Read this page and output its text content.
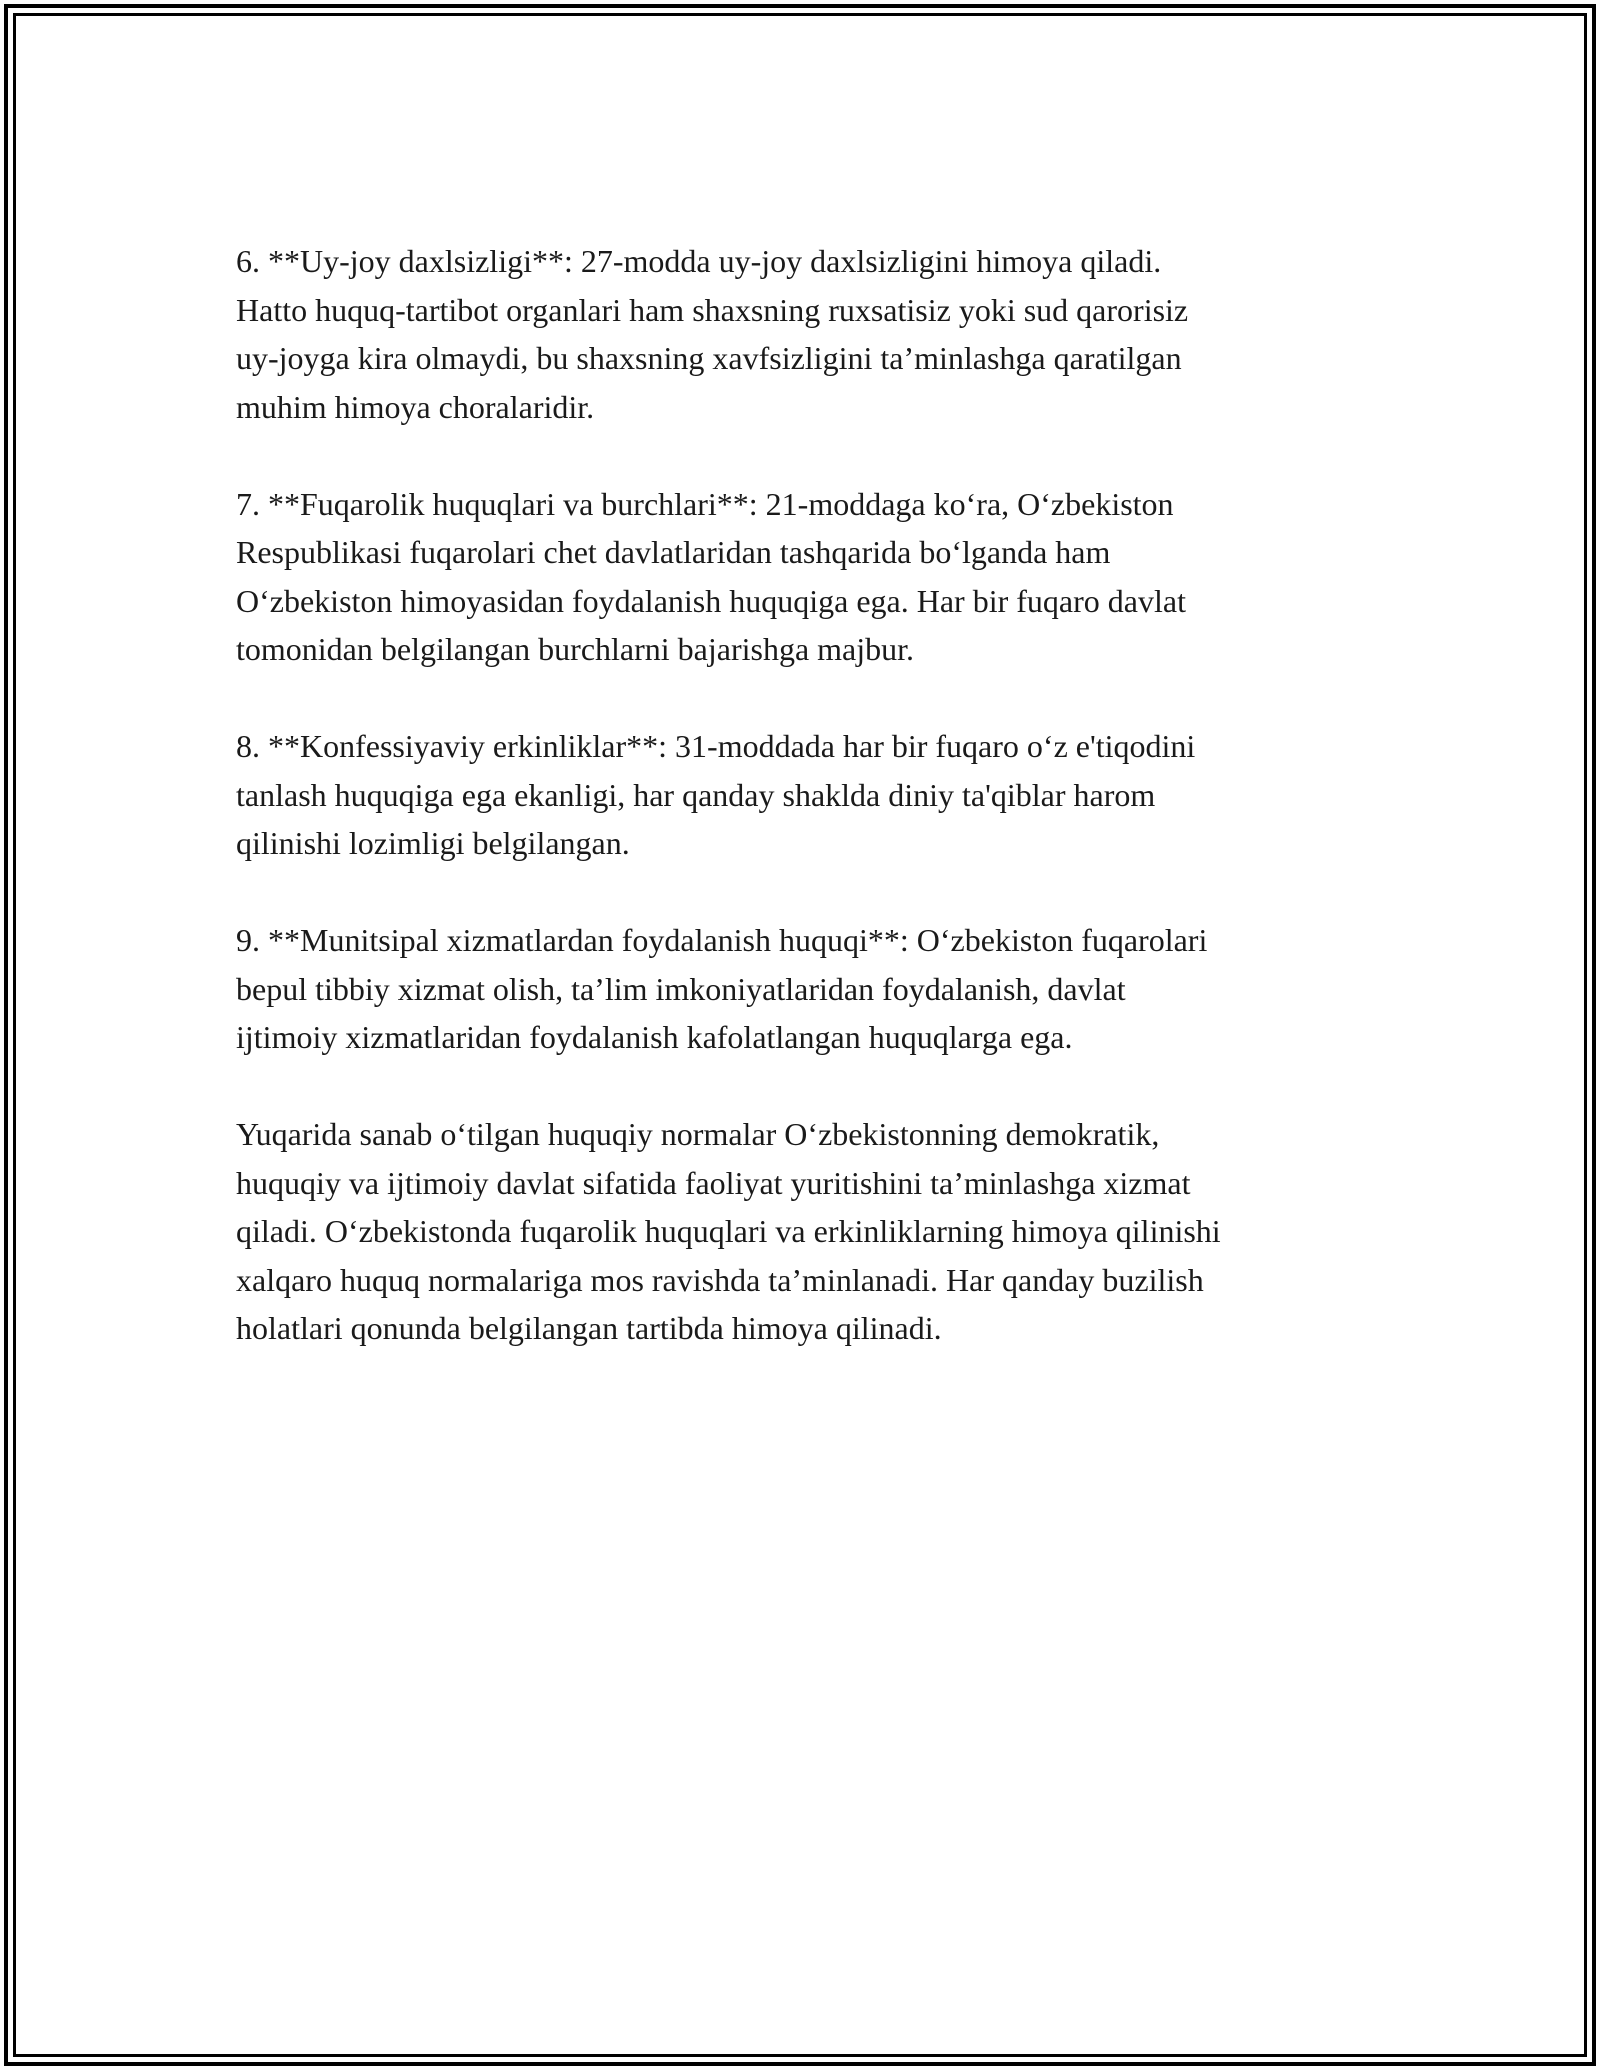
6. **Uy-joy daxlsizligi**: 27-modda uy-joy daxlsizligini himoya qiladi.
Hatto huquq-tartibot organlari ham shaxsning ruxsatisiz yoki sud qarorisiz
uy-joyga kira olmaydi, bu shaxsning xavfsizligini ta’minlashga qaratilgan
muhim himoya choralaridir.

7. **Fuqarolik huquqlari va burchlari**: 21-moddaga ko‘ra, O‘zbekiston
Respublikasi fuqarolari chet davlatlaridan tashqarida bo‘lganda ham
O‘zbekiston himoyasidan foydalanish huquqiga ega. Har bir fuqaro davlat
tomonidan belgilangan burchlarni bajarishga majbur.

8. **Konfessiyaviy erkinliklar**: 31-moddada har bir fuqaro o‘z e'tiqodini
tanlash huquqiga ega ekanligi, har qanday shaklda diniy ta'qiblar harom
qilinishi lozimligi belgilangan.

9. **Munitsipal xizmatlardan foydalanish huquqi**: O‘zbekiston fuqarolari
bepul tibbiy xizmat olish, ta’lim imkoniyatlaridan foydalanish, davlat
ijtimoiy xizmatlaridan foydalanish kafolatlangan huquqlarga ega.

Yuqarida sanab o‘tilgan huquqiy normalar O‘zbekistonning demokratik,
huquqiy va ijtimoiy davlat sifatida faoliyat yuritishini ta’minlashga xizmat
qiladi. O‘zbekistonda fuqarolik huquqlari va erkinliklarning himoya qilinishi
xalqaro huquq normalariga mos ravishda ta’minlanadi. Har qanday buzilish
holatlari qonunda belgilangan tartibda himoya qilinadi.
